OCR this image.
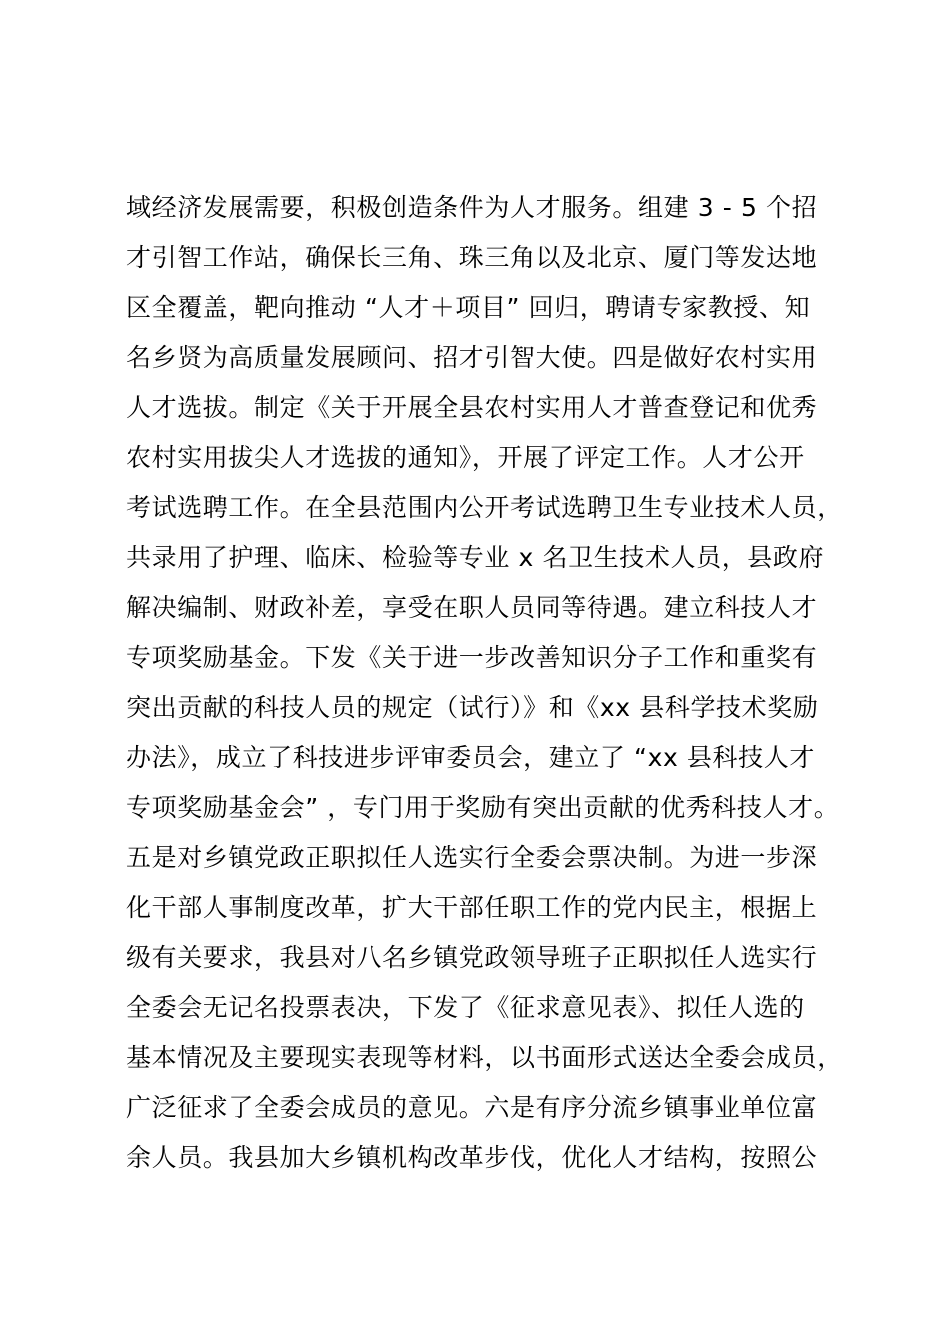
域经济发展需要，积极创造条件为人才服务。组建 3 - 5 个招
才引智工作站，确保长三角、珠三角以及北京、厦门等发达地
区全覆盖，靶向推动 “人才＋项目” 回归，聘请专家教授、知
名乡贤为高质量发展顾问、招才引智大使。四是做好农村实用
人才选拔。制定《关于开展全县农村实用人才普查登记和优秀
农村实用拔尖人才选拔的通知》，开展了评定工作。人才公开
考试选聘工作。在全县范围内公开考试选聘卫生专业技术人员，
共录用了护理、临床、检验等专业 x 名卫生技术人员，县政府
解决编制、财政补差，享受在职人员同等待遇。建立科技人才
专项奖励基金。下发《关于进一步改善知识分子工作和重奖有
突出贡献的科技人员的规定（试行）》和《xx 县科学技术奖励
办法》，成立了科技进步评审委员会，建立了 “xx 县科技人才
专项奖励基金会” ，专门用于奖励有突出贡献的优秀科技人才。
五是对乡镇党政正职拟任人选实行全委会票决制。为进一步深
化干部人事制度改革，扩大干部任职工作的党内民主，根据上
级有关要求，我县对八名乡镇党政领导班子正职拟任人选实行
全委会无记名投票表决，下发了《征求意见表》、拟任人选的
基本情况及主要现实表现等材料，以书面形式送达全委会成员，
广泛征求了全委会成员的意见。六是有序分流乡镇事业单位富
余人员。我县加大乡镇机构改革步伐，优化人才结构，按照公
